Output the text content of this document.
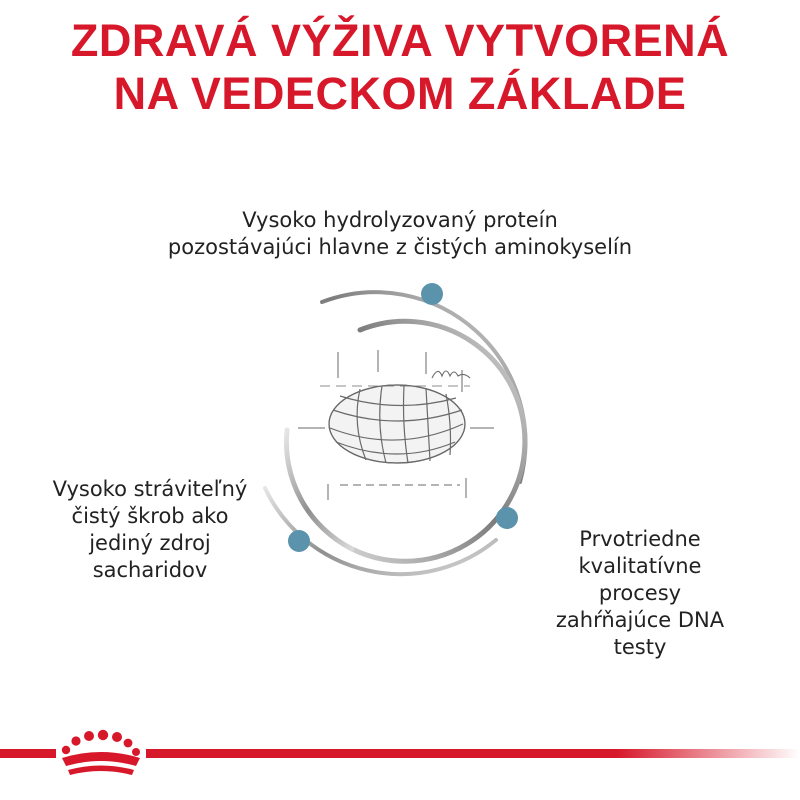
ZDRAVÁ VÝŽIVA VYTVORENÁ
NA VEDECKOM ZÁKLADE
Vysoko hydrolyzovaný proteín
pozostávajúci hlavne z čistých aminokyselín
Vysoko stráviteľný
čistý škrob ako
jediný zdroj
sacharidov
Prvotriedne
kvalitatívne
procesy
zahŕňajúce DNA
testy
